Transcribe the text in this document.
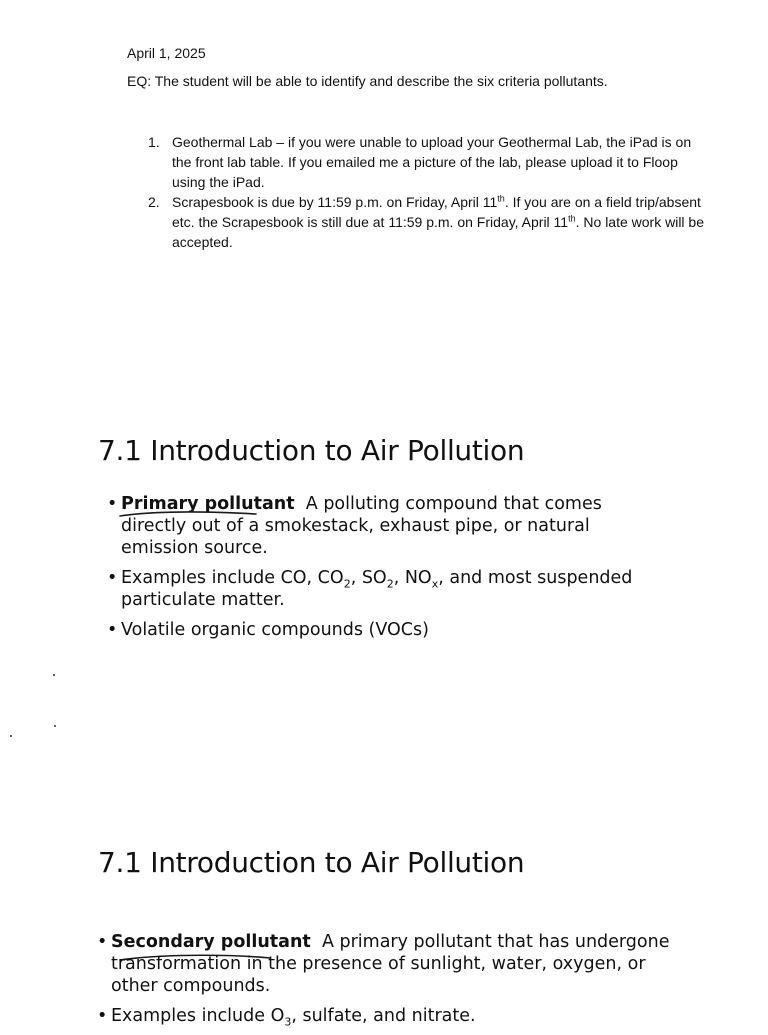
April 1, 2025
EQ: The student will be able to identify and describe the six criteria pollutants.
1. Geothermal Lab – if you were unable to upload your Geothermal Lab, the iPad is on the front lab table. If you emailed me a picture of the lab, please upload it to Floop using the iPad.
2. Scrapesbook is due by 11:59 p.m. on Friday, April 11th. If you are on a field trip/absent etc. the Scrapesbook is still due at 11:59 p.m. on Friday, April 11th. No late work will be accepted.
7.1 Introduction to Air Pollution
• Primary pollutant A polluting compound that comes directly out of a smokestack, exhaust pipe, or natural emission source.
• Examples include CO, $CO_2$, $SO_2$, $NO_x$, and most suspended particulate matter.
• Volatile organic compounds (VOCs)
7.1 Introduction to Air Pollution
• Secondary pollutant A primary pollutant that has undergone transformation in the presence of sunlight, water, oxygen, or other compounds.
• Examples include $O_3$, sulfate, and nitrate.
